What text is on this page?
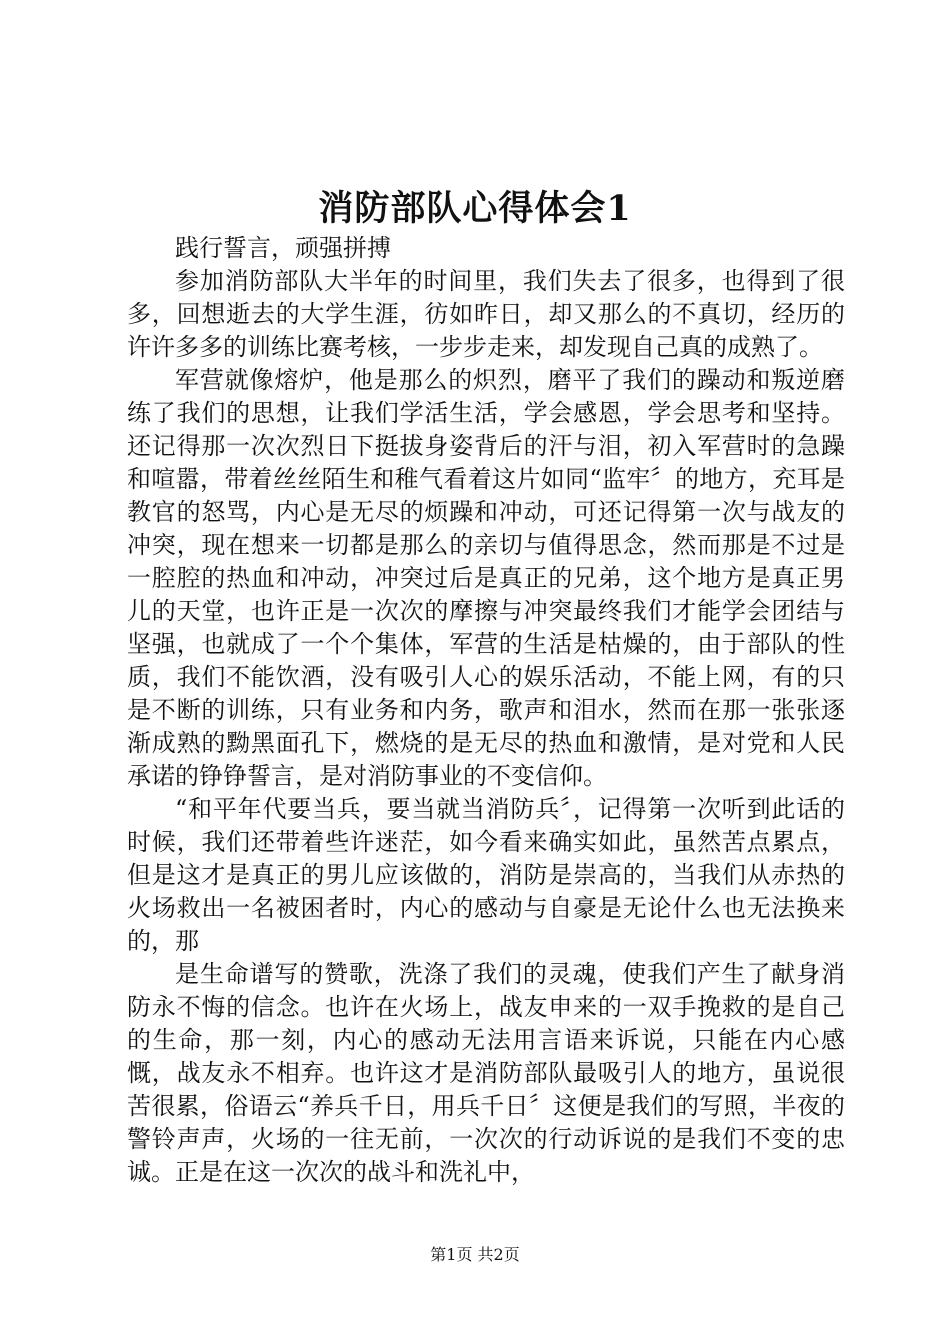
消防部队心得体会1

践行誓言，顽强拼搏

参加消防部队大半年的时间里，我们失去了很多，也得到了很多，回想逝去的大学生涯，彷如昨日，却又那么的不真切，经历的许许多多的训练比赛考核，一步步走来，却发现自己真的成熟了。

军营就像熔炉，他是那么的炽烈，磨平了我们的躁动和叛逆磨练了我们的思想，让我们学活生活，学会感恩，学会思考和坚持。还记得那一次次烈日下挺拔身姿背后的汗与泪，初入军营时的急躁和喧嚣，带着丝丝陌生和稚气看着这片如同“监牢〞的地方，充耳是教官的怒骂，内心是无尽的烦躁和冲动，可还记得第一次与战友的冲突，现在想来一切都是那么的亲切与值得思念，然而那是不过是一腔腔的热血和冲动，冲突过后是真正的兄弟，这个地方是真正男儿的天堂，也许正是一次次的摩擦与冲突最终我们才能学会团结与坚强，也就成了一个个集体，军营的生活是枯燥的，由于部队的性质，我们不能饮酒，没有吸引人心的娱乐活动，不能上网，有的只是不断的训练，只有业务和内务，歌声和泪水，然而在那一张张逐渐成熟的黝黑面孔下，燃烧的是无尽的热血和激情，是对党和人民承诺的铮铮誓言，是对消防事业的不变信仰。

“和平年代要当兵，要当就当消防兵〞，记得第一次听到此话的时候，我们还带着些许迷茫，如今看来确实如此，虽然苦点累点，但是这才是真正的男儿应该做的，消防是崇高的，当我们从赤热的火场救出一名被困者时，内心的感动与自豪是无论什么也无法换来的，那

是生命谱写的赞歌，洗涤了我们的灵魂，使我们产生了献身消防永不悔的信念。也许在火场上，战友申来的一双手挽救的是自己的生命，那一刻，内心的感动无法用言语来诉说，只能在内心感慨，战友永不相弃。也许这才是消防部队最吸引人的地方，虽说很苦很累，俗语云“养兵千日，用兵千日〞这便是我们的写照，半夜的警铃声声，火场的一往无前，一次次的行动诉说的是我们不变的忠诚。正是在这一次次的战斗和洗礼中，

第1页 共2页
